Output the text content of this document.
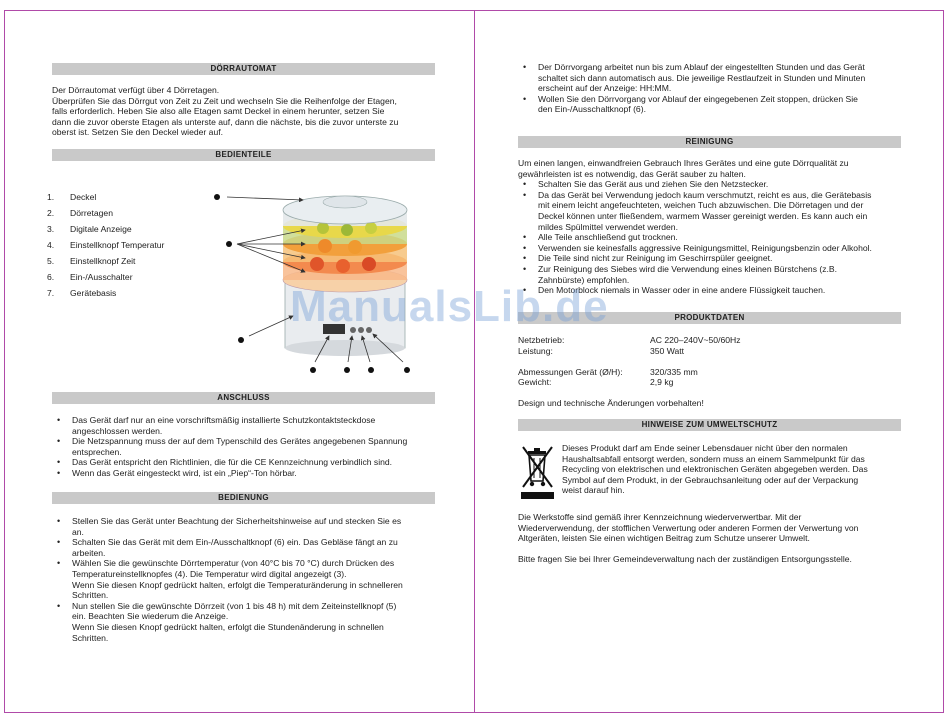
DÖRRAUTOMAT

Der Dörrautomat verfügt über 4 Dörretagen.

Überprüfen Sie das Dörrgut von Zeit zu Zeit und wechseln Sie die Reihenfolge der Etagen,

falls erforderlich. Heben Sie also alle Etagen samt Deckel in einem herunter, setzen Sie

dann die zuvor oberste Etagen als unterste auf, dann die nächste, bis die zuvor unterste zu

oberst ist. Setzen Sie den Deckel wieder auf.

BEDIENTEILE
1.	Deckel
2.	Dörretagen
3.	Digitale Anzeige
4.	Einstellknopf Temperatur
5.	Einstellknopf Zeit
6.	Ein-/Ausschalter
7.	Gerätebasis
ANSCHLUSS
• Das Gerät darf nur an eine vorschriftsmäßig installierte Schutzkontaktsteckdose
angeschlossen werden.
• Die Netzspannung muss der auf dem Typenschild des Gerätes angegebenen Spannung
entsprechen.
• Das Gerät entspricht den Richtlinien, die für die CE Kennzeichnung verbindlich sind.
• Wenn das Gerät eingesteckt wird, ist ein „Piep“-Ton hörbar.
BEDIENUNG
• Stellen Sie das Gerät unter Beachtung der Sicherheitshinweise auf und stecken Sie es
an.
• Schalten Sie das Gerät mit dem Ein-/Ausschaltknopf (6) ein. Das Gebläse fängt an zu
arbeiten.
• Wählen Sie die gewünschte Dörrtemperatur (von 40°C bis 70 °C) durch Drücken des
Temperatureinstellknopfes (4). Die Temperatur wird digital angezeigt (3).
Wenn Sie diesen Knopf gedrückt halten, erfolgt die Temperaturänderung in schnelleren
Schritten.
• Nun stellen Sie die gewünschte Dörrzeit (von 1 bis 48 h) mit dem Zeiteinstellknopf (5)
ein. Beachten Sie wiederum die Anzeige.
Wenn Sie diesen Knopf gedrückt halten, erfolgt die Stundenänderung in schnellen
Schritten.
• Der Dörrvorgang arbeitet nun bis zum Ablauf der eingestellten Stunden und das Gerät
schaltet sich dann automatisch aus. Die jeweilige Restlaufzeit in Stunden und Minuten
erscheint auf der Anzeige: HH:MM.
• Wollen Sie den Dörrvorgang vor Ablauf der eingegebenen Zeit stoppen, drücken Sie
den Ein-/Ausschaltknopf (6).
REINIGUNG

Um einen langen, einwandfreien Gebrauch Ihres Gerätes und eine gute Dörrqualität zu

gewährleisten ist es notwendig, das Gerät sauber zu halten.

• Schalten Sie das Gerät aus und ziehen Sie den Netzstecker.
• Da das Gerät bei Verwendung jedoch kaum verschmutzt, reicht es aus, die Gerätebasis
mit einem leicht angefeuchteten, weichen Tuch abzuwischen. Die Dörretagen und der
Deckel können unter fließendem, warmem Wasser gereinigt werden. Es kann auch ein
mildes Spülmittel verwendet werden.
• Alle Teile anschließend gut trocknen.
• Verwenden sie keinesfalls aggressive Reinigungsmittel, Reinigungsbenzin oder Alkohol.
• Die Teile sind nicht zur Reinigung im Geschirrspüler geeignet.
• Zur Reinigung des Siebes wird die Verwendung eines kleinen Bürstchens (z.B.
Zahnbürste) empfohlen.
• Den Motorblock niemals in Wasser oder in eine andere Flüssigkeit tauchen.
PRODUKTDATEN
Netzbetrieb:	AC 220–240V~50/60Hz
Leistung:	350 Watt
Abmessungen Gerät (Ø/H):	320/335 mm
Gewicht:	2,9 kg

Design und technische Änderungen vorbehalten!

HINWEISE ZUM UMWELTSCHUTZ

Dieses Produkt darf am Ende seiner Lebensdauer nicht über den normalen

Haushaltsabfall entsorgt werden, sondern muss an einem Sammelpunkt für das

Recycling von elektrischen und elektronischen Geräten abgegeben werden. Das

Symbol auf dem Produkt, in der Gebrauchsanleitung oder auf der Verpackung

weist darauf hin.

Die Werkstoffe sind gemäß ihrer Kennzeichnung wiederverwertbar. Mit der

Wiederverwendung, der stofflichen Verwertung oder anderen Formen der Verwertung von

Altgeräten, leisten Sie einen wichtigen Beitrag zum Schutze unserer Umwelt.

Bitte fragen Sie bei Ihrer Gemeindeverwaltung nach der zuständigen Entsorgungsstelle.

ManualsLib.de
